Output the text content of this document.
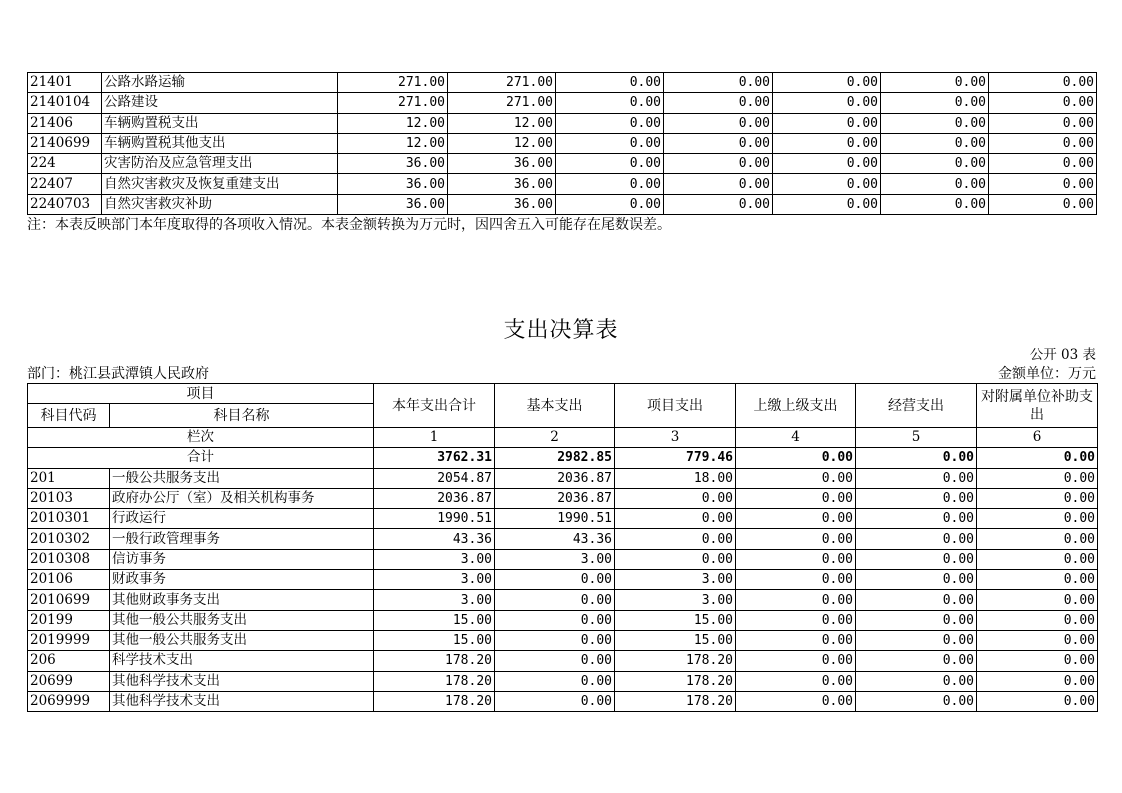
21401	公路水路运输	271.00	271.00	0.00	0.00	0.00	0.00	0.00
2140104	公路建设	271.00	271.00	0.00	0.00	0.00	0.00	0.00
21406	车辆购置税支出	12.00	12.00	0.00	0.00	0.00	0.00	0.00
2140699	车辆购置税其他支出	12.00	12.00	0.00	0.00	0.00	0.00	0.00
224	灾害防治及应急管理支出	36.00	36.00	0.00	0.00	0.00	0.00	0.00
22407	自然灾害救灾及恢复重建支出	36.00	36.00	0.00	0.00	0.00	0.00	0.00
2240703	自然灾害救灾补助	36.00	36.00	0.00	0.00	0.00	0.00	0.00
注：本表反映部门本年度取得的各项收入情况。本表金额转换为万元时，因四舍五入可能存在尾数误差。
支出决算表
公开 03 表
部门：桃江县武潭镇人民政府	金额单位：万元
项目		本年支出合计	基本支出	项目支出	上缴上级支出	经营支出	对附属单位补助支出
科目代码	科目名称						
栏次		1	2	3	4	5	6
合计		3762.31	2982.85	779.46	0.00	0.00	0.00
201	一般公共服务支出	2054.87	2036.87	18.00	0.00	0.00	0.00
20103	政府办公厅（室）及相关机构事务	2036.87	2036.87	0.00	0.00	0.00	0.00
2010301	行政运行	1990.51	1990.51	0.00	0.00	0.00	0.00
2010302	一般行政管理事务	43.36	43.36	0.00	0.00	0.00	0.00
2010308	信访事务	3.00	3.00	0.00	0.00	0.00	0.00
20106	财政事务	3.00	0.00	3.00	0.00	0.00	0.00
2010699	其他财政事务支出	3.00	0.00	3.00	0.00	0.00	0.00
20199	其他一般公共服务支出	15.00	0.00	15.00	0.00	0.00	0.00
2019999	其他一般公共服务支出	15.00	0.00	15.00	0.00	0.00	0.00
206	科学技术支出	178.20	0.00	178.20	0.00	0.00	0.00
20699	其他科学技术支出	178.20	0.00	178.20	0.00	0.00	0.00
2069999	其他科学技术支出	178.20	0.00	178.20	0.00	0.00	0.00
